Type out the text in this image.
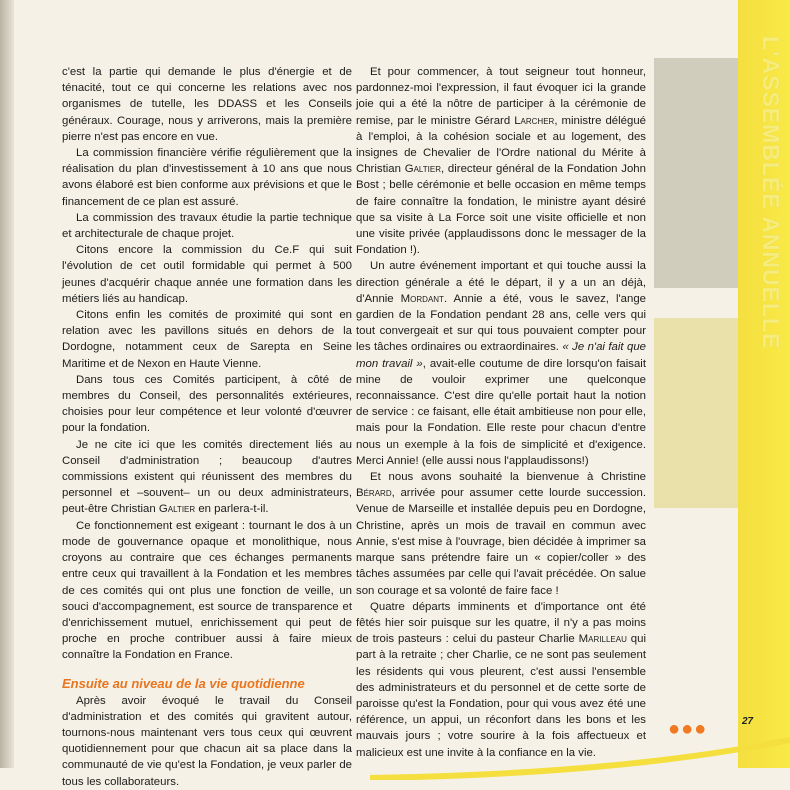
L'ASSEMBLÉE ANNUELLE

c'est la partie qui demande le plus d'énergie et de ténacité, tout ce qui concerne les relations avec nos organismes de tutelle, les DDASS et les Conseils généraux. Courage, nous y arriverons, mais la première pierre n'est pas encore en vue.

La commission financière vérifie régulièrement que la réalisation du plan d'investissement à 10 ans que nous avons élaboré est bien conforme aux prévisions et que le financement de ce plan est assuré.

La commission des travaux étudie la partie technique et architecturale de chaque projet.

Citons encore la commission du Ce.F qui suit l'évolution de cet outil formidable qui permet à 500 jeunes d'acquérir chaque année une formation dans les métiers liés au handicap.

Citons enfin les comités de proximité qui sont en relation avec les pavillons situés en dehors de la Dordogne, notamment ceux de Sarepta en Seine Maritime et de Nexon en Haute Vienne.

Dans tous ces Comités participent, à côté de membres du Conseil, des personnalités extérieures, choisies pour leur compétence et leur volonté d'œuvrer pour la fondation.

Je ne cite ici que les comités directement liés au Conseil d'administration ; beaucoup d'autres commissions existent qui réunissent des membres du personnel et –souvent– un ou deux administrateurs, peut-être Christian Galtier en parlera-t-il.

Ce fonctionnement est exigeant : tournant le dos à un mode de gouvernance opaque et monolithique, nous croyons au contraire que ces échanges permanents entre ceux qui travaillent à la Fondation et les membres de ces comités qui ont plus une fonction de veille, un souci d'accompagnement, est source de transparence et d'enrichissement mutuel, enrichissement qui peut de proche en proche contribuer aussi à faire mieux connaître la Fondation en France.

Ensuite au niveau de la vie quotidienne

Après avoir évoqué le travail du Conseil d'administration et des comités qui gravitent autour, tournons-nous maintenant vers tous ceux qui œuvrent quotidiennement pour que chacun ait sa place dans la communauté de vie qu'est la Fondation, je veux parler de tous les collaborateurs.

Et pour commencer, à tout seigneur tout honneur, pardonnez-moi l'expression, il faut évoquer ici la grande joie qui a été la nôtre de participer à la cérémonie de remise, par le ministre Gérard Larcher, ministre délégué à l'emploi, à la cohésion sociale et au logement, des insignes de Chevalier de l'Ordre national du Mérite à Christian Galtier, directeur général de la Fondation John Bost ; belle cérémonie et belle occasion en même temps de faire connaître la fondation, le ministre ayant désiré que sa visite à La Force soit une visite officielle et non une visite privée (applaudissons donc le messager de la Fondation !).

Un autre événement important et qui touche aussi la direction générale a été le départ, il y a un an déjà, d'Annie Mordant. Annie a été, vous le savez, l'ange gardien de la Fondation pendant 28 ans, celle vers qui tout convergeait et sur qui tous pouvaient compter pour les tâches ordinaires ou extraordinaires. « Je n'ai fait que mon travail », avait-elle coutume de dire lorsqu'on faisait mine de vouloir exprimer une quelconque reconnaissance. C'est dire qu'elle portait haut la notion de service : ce faisant, elle était ambitieuse non pour elle, mais pour la Fondation. Elle reste pour chacun d'entre nous un exemple à la fois de simplicité et d'exigence. Merci Annie! (elle aussi nous l'applaudissons!)

Et nous avons souhaité la bienvenue à Christine Bérard, arrivée pour assumer cette lourde succession. Venue de Marseille et installée depuis peu en Dordogne, Christine, après un mois de travail en commun avec Annie, s'est mise à l'ouvrage, bien décidée à imprimer sa marque sans prétendre faire un « copier/coller » des tâches assumées par celle qui l'avait précédée. On salue son courage et sa volonté de faire face !

Quatre départs imminents et d'importance ont été fêtés hier soir puisque sur les quatre, il n'y a pas moins de trois pasteurs : celui du pasteur Charlie Marilleau qui part à la retraite ; cher Charlie, ce ne sont pas seulement les résidents qui vous pleurent, c'est aussi l'ensemble des administrateurs et du personnel et de cette sorte de paroisse qu'est la Fondation, pour qui vous avez été une référence, un appui, un réconfort dans les bons et les mauvais jours ; votre sourire à la fois affectueux et malicieux est une invite à la confiance en la vie.

●●●	27
